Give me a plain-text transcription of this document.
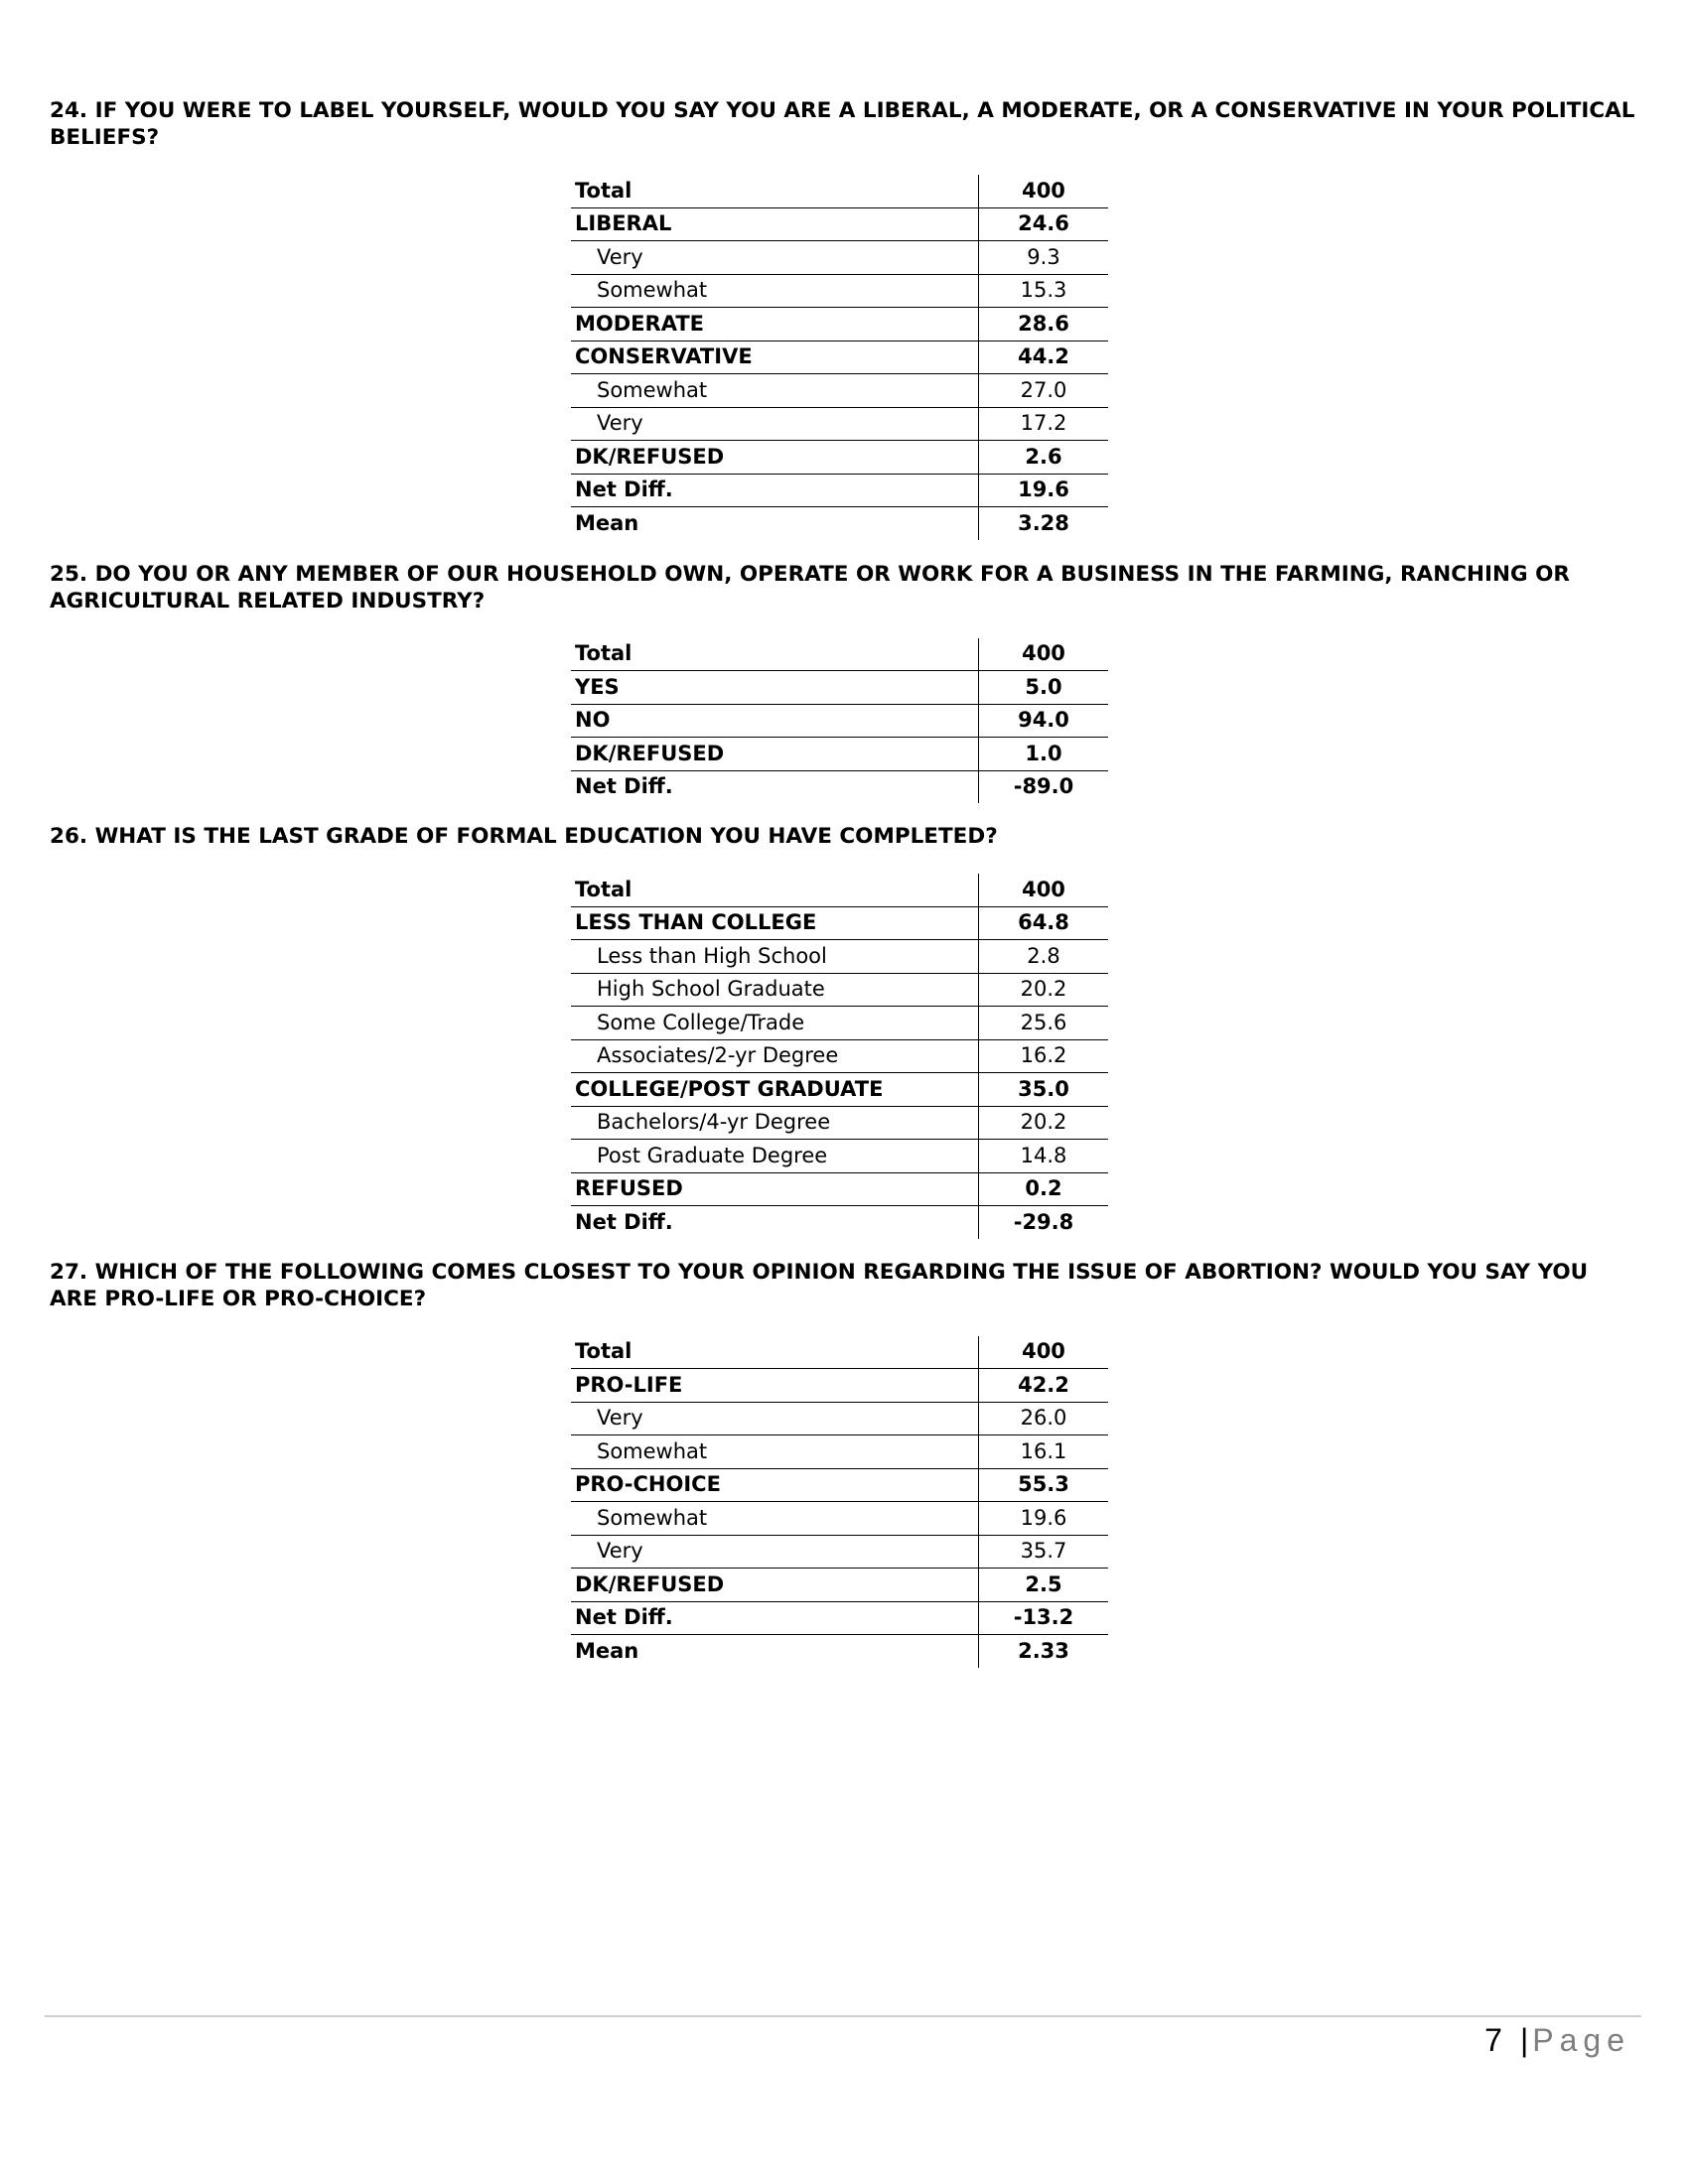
24. IF YOU WERE TO LABEL YOURSELF, WOULD YOU SAY YOU ARE A LIBERAL, A MODERATE, OR A CONSERVATIVE IN YOUR POLITICAL BELIEFS?

Total	400
LIBERAL	24.6
Very	9.3
Somewhat	15.3
MODERATE	28.6
CONSERVATIVE	44.2
Somewhat	27.0
Very	17.2
DK/REFUSED	2.6
Net Diff.	19.6
Mean	3.28

25. DO YOU OR ANY MEMBER OF OUR HOUSEHOLD OWN, OPERATE OR WORK FOR A BUSINESS IN THE FARMING, RANCHING OR AGRICULTURAL RELATED INDUSTRY?

Total	400
YES	5.0
NO	94.0
DK/REFUSED	1.0
Net Diff.	-89.0

26. WHAT IS THE LAST GRADE OF FORMAL EDUCATION YOU HAVE COMPLETED?

Total	400
LESS THAN COLLEGE	64.8
Less than High School	2.8
High School Graduate	20.2
Some College/Trade	25.6
Associates/2-yr Degree	16.2
COLLEGE/POST GRADUATE	35.0
Bachelors/4-yr Degree	20.2
Post Graduate Degree	14.8
REFUSED	0.2
Net Diff.	-29.8

27. WHICH OF THE FOLLOWING COMES CLOSEST TO YOUR OPINION REGARDING THE ISSUE OF ABORTION? WOULD YOU SAY YOU ARE PRO-LIFE OR PRO-CHOICE?

Total	400
PRO-LIFE	42.2
Very	26.0
Somewhat	16.1
PRO-CHOICE	55.3
Somewhat	19.6
Very	35.7
DK/REFUSED	2.5
Net Diff.	-13.2
Mean	2.33
7 | Page
